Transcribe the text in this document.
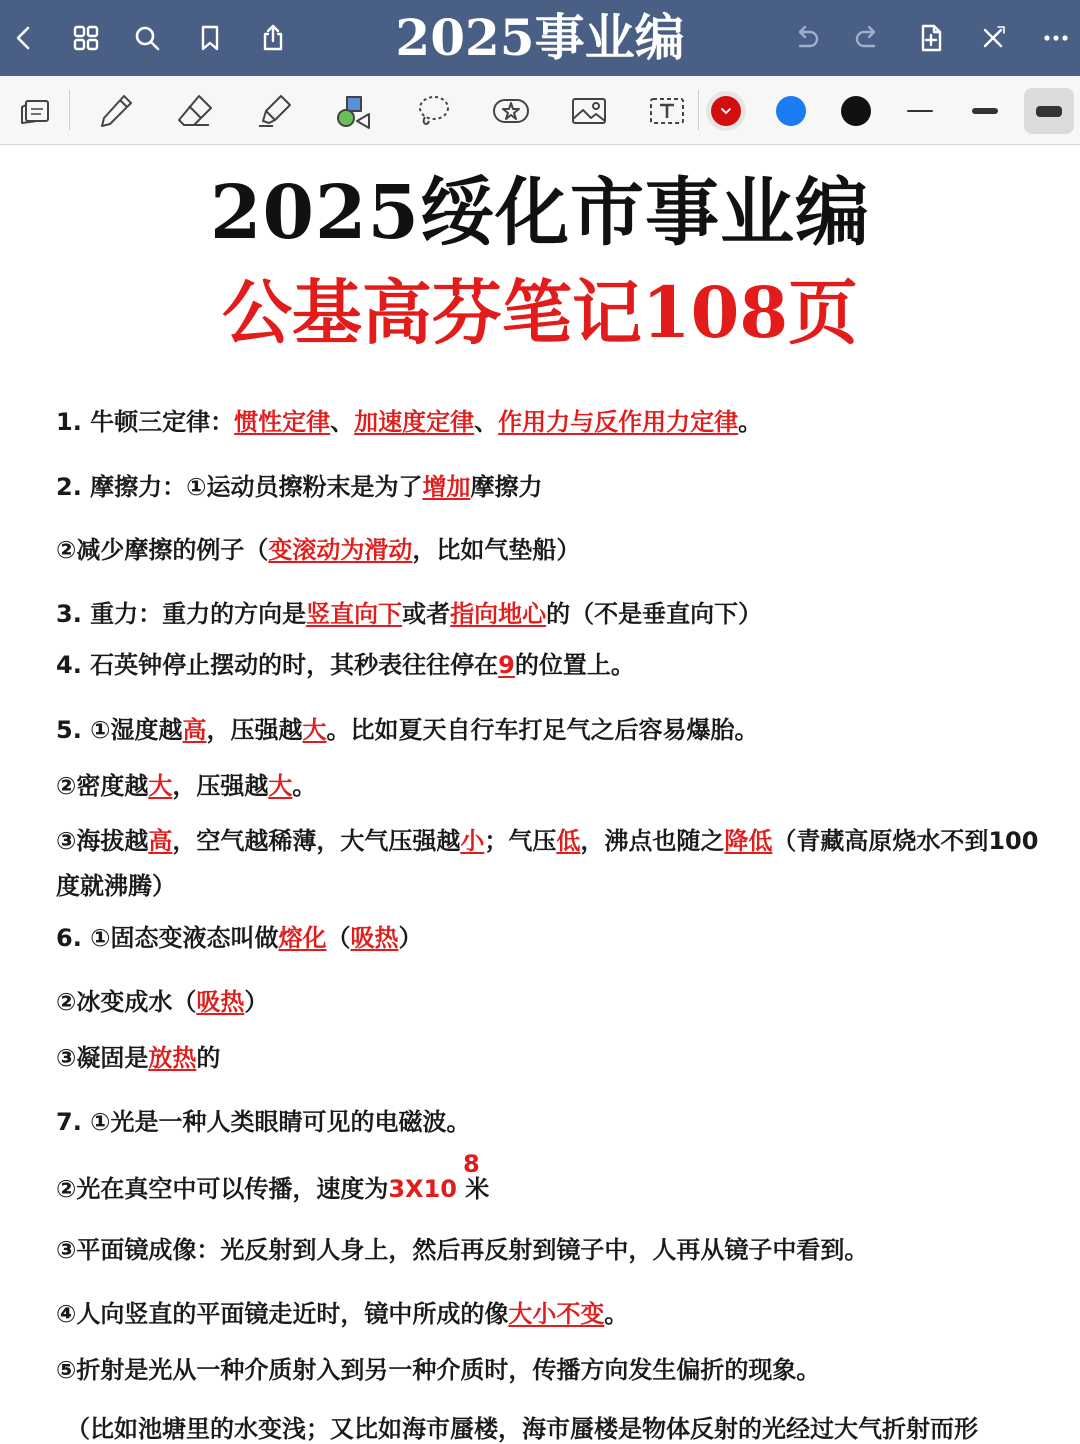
2025事业编
2025绥化市事业编
公基高芬笔记108页
1. 牛顿三定律：惯性定律、加速度定律、作用力与反作用力定律。
2. 摩擦力：①运动员擦粉末是为了增加摩擦力
②减少摩擦的例子（变滚动为滑动，比如气垫船）
3. 重力：重力的方向是竖直向下或者指向地心的（不是垂直向下）
4. 石英钟停止摆动的时，其秒表往往停在9的位置上。
5. ①湿度越高，压强越大。比如夏天自行车打足气之后容易爆胎。
②密度越大，压强越大。
③海拔越高，空气越稀薄，大气压强越小；气压低，沸点也随之降低（青藏高原烧水不到100度就沸腾）
6. ①固态变液态叫做熔化（吸热）
②冰变成水（吸热）
③凝固是放热的
7. ①光是一种人类眼睛可见的电磁波。
8
②光在真空中可以传播，速度为3X10 米
③平面镜成像：光反射到人身上，然后再反射到镜子中，人再从镜子中看到。
④人向竖直的平面镜走近时，镜中所成的像大小不变。
⑤折射是光从一种介质射入到另一种介质时，传播方向发生偏折的现象。
（比如池塘里的水变浅；又比如海市蜃楼，海市蜃楼是物体反射的光经过大气折射而形
